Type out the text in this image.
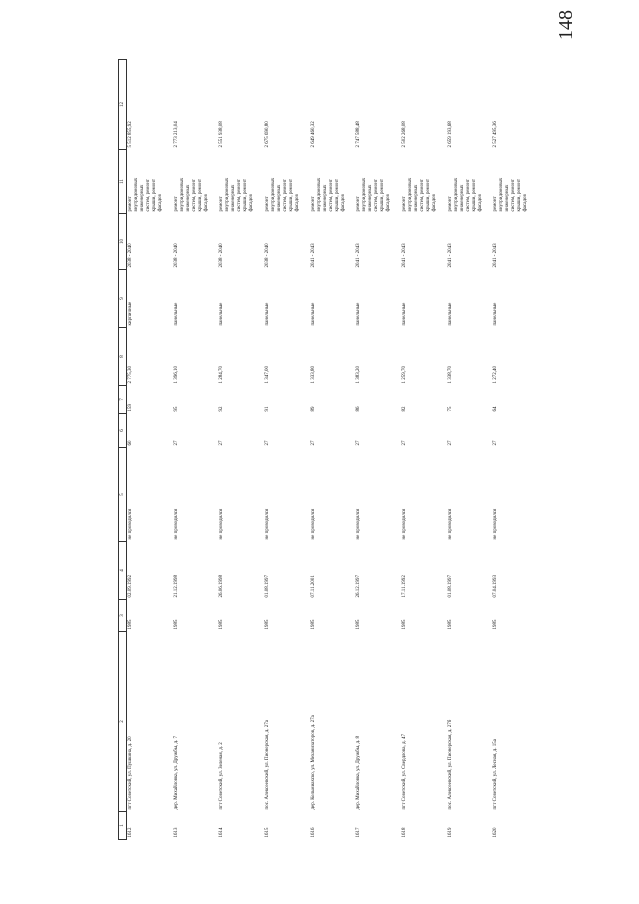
148
1	2	3	4	5	6	7	8	9	10	11	12

1612	пгт Советский, ул. Пушкина, д. 20	1985	02.09.1992	не проводился	60	159	2 775,30	кирпичные	2038 - 2040	ремонт внутридомовых инженерных систем, ремонт крыши, ремонт фасадов	5 512 855,92

1613	дер. Михайловка, ул. Дружбы, д. 7	1985	21.12.1998	не проводился	27	95	1 396,10	панельные	2038 - 2040	ремонт внутридомовых инженерных систем, ремонт крыши, ремонт фасадов	2 773 213,04

1614	пгт Советский, ул. Зеленая, д. 2	1985	26.06.1998	не проводился	27	92	1 284,70	панельные	2038 - 2040	ремонт внутридомовых инженерных систем, ремонт крыши, ремонт фасадов	2 551 938,08

1615	пос. Алексеевский, ул. Пионерская, д. 27а	1985	01.08.1997	не проводился	27	91	1 347,00	панельные	2038 - 2040	ремонт внутридомовых инженерных систем, ремонт крыши, ремонт фасадов	2 675 690,80

1616	дер. Кельмиахско, ул. Механизаторов, д. 27а	1985	07.11.2001	не проводился	27	89	1 333,80	панельные	2041 - 2043	ремонт внутридомовых инженерных систем, ремонт крыши, ремонт фасадов	2 649 460,32

1617	дер. Михайловка, ул. Дружбы, д. 8	1985	26.12.1997	не проводился	27	86	1 383,20	панельные	2041 - 2043	ремонт внутридомовых инженерных систем, ремонт крыши, ремонт фасадов	2 747 588,48

1618	пгт Советский, ул. Свердлова, д. 47	1985	17.11.1992	не проводился	27	82	1 259,70	панельные	2041 - 2043	ремонт внутридомовых инженерных систем, ремонт крыши, ремонт фасадов	2 502 268,08

1619	пос. Алексеевский, ул. Пионерская, д. 27б	1985	01.08.1997	не проводился	27	75	1 338,70	панельные	2041 - 2043	ремонт внутридомовых инженерных систем, ремонт крыши, ремонт фасадов	2 659 193,68

1620	пгт Советский, ул. Лесная, д. 15а	1985	07.04.1993	не проводился	27	64	1 272,40	панельные	2041 - 2043	ремонт внутридомовых инженерных систем, ремонт крыши, ремонт фасадов	2 527 495,36
